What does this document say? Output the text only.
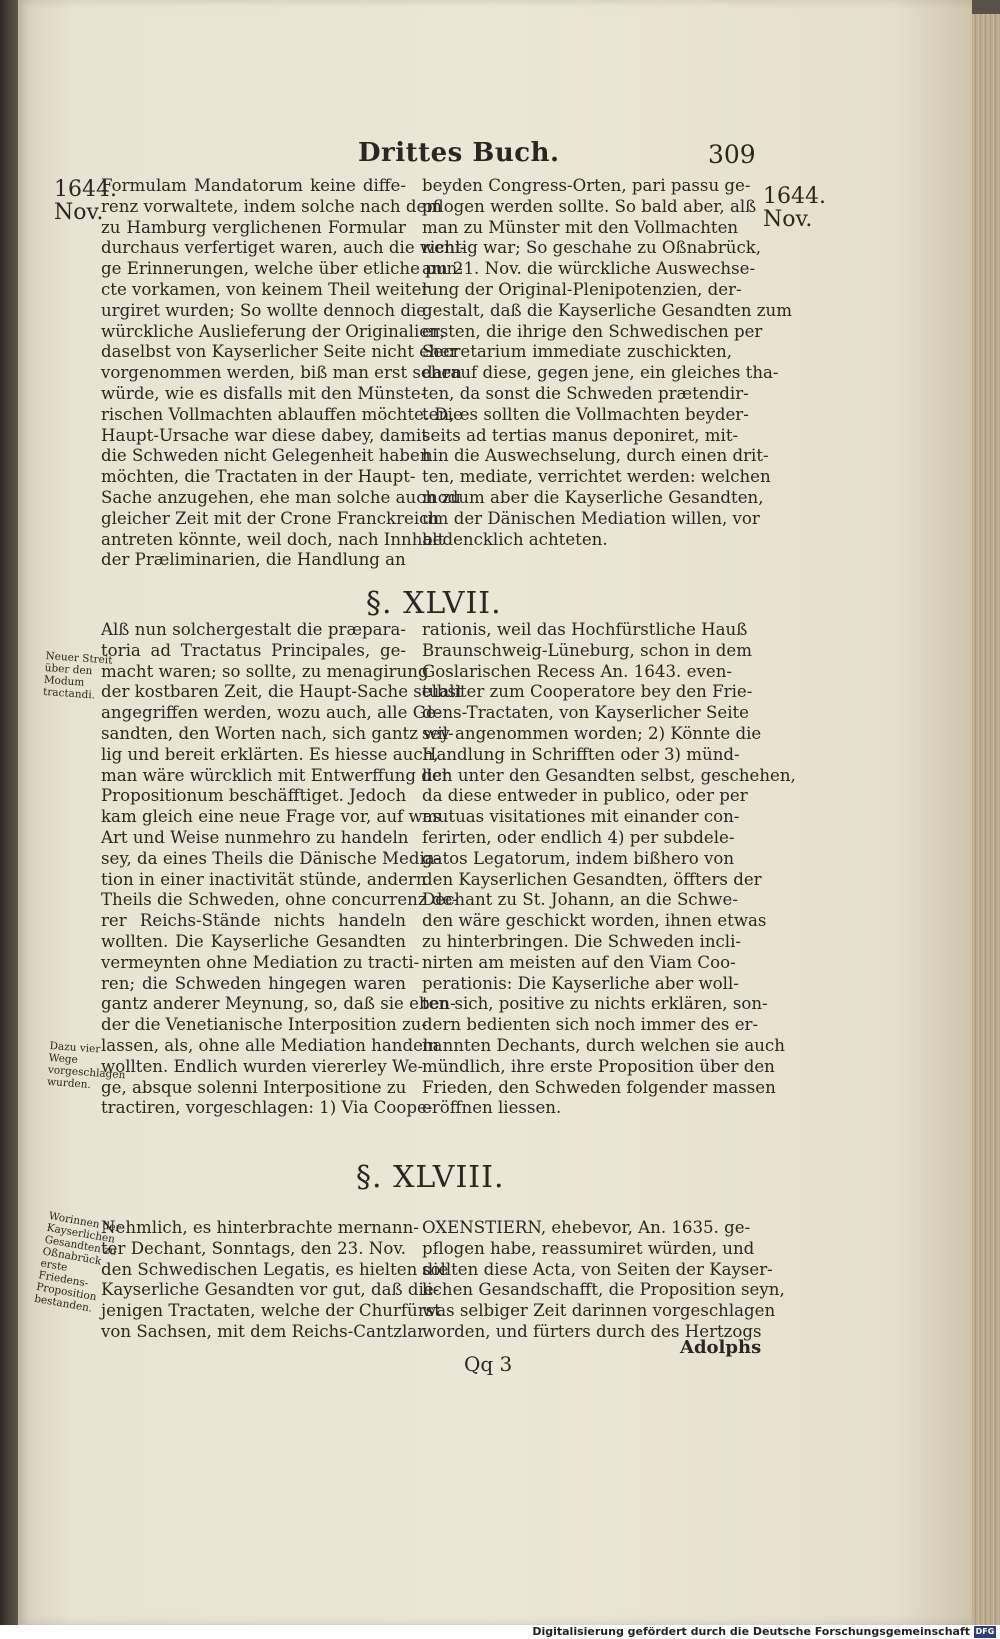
Drittes Buch.	309
1644.
Nov.
1644.
Nov.
Formulam Mandatorum keine diffe-
renz vorwaltete, indem solche nach dem
zu Hamburg verglichenen Formular
durchaus verfertiget waren, auch die weni-
ge Erinnerungen, welche über etliche pun-
cte vorkamen, von keinem Theil weiter
urgiret wurden; So wollte dennoch die
würckliche Auslieferung der Originalien,
daselbst von Kayserlicher Seite nicht eher
vorgenommen werden, biß man erst sehen
würde, wie es disfalls mit den Münste-
rischen Vollmachten ablauffen möchte. Die
Haupt-Ursache war diese dabey, damit
die Schweden nicht Gelegenheit haben
möchten, die Tractaten in der Haupt-
Sache anzugehen, ehe man solche auch zu
gleicher Zeit mit der Crone Franckreich
antreten könnte, weil doch, nach Innhalt
der Præliminarien, die Handlung an
beyden Congress-Orten, pari passu ge-
pflogen werden sollte. So bald aber, alß
man zu Münster mit den Vollmachten
richtig war; So geschahe zu Oßnabrück,
am 21. Nov. die würckliche Auswechse-
lung der Original-Plenipotenzien, der-
gestalt, daß die Kayserliche Gesandten zum
ersten, die ihrige den Schwedischen per
Secretarium immediate zuschickten,
darauf diese, gegen jene, ein gleiches tha-
ten, da sonst die Schweden prætendir-
ten, es sollten die Vollmachten beyder-
seits ad tertias manus deponiret, mit-
hin die Auswechselung, durch einen drit-
ten, mediate, verrichtet werden: welchen
modum aber die Kayserliche Gesandten,
um der Dänischen Mediation willen, vor
bedencklich achteten.
§. XLVII.
Neuer Streit über den Modum tractandi.
Dazu vier Wege vorgeschlagen wurden.
Alß nun solchergestalt die præpara-
toria ad Tractatus Principales, ge-
macht waren; so sollte, zu menagirung
der kostbaren Zeit, die Haupt-Sache selbst
angegriffen werden, wozu auch, alle Ge-
sandten, den Worten nach, sich gantz wil-
lig und bereit erklärten. Es hiesse auch,
man wäre würcklich mit Entwerffung der
Propositionum beschäfftiget. Jedoch
kam gleich eine neue Frage vor, auf was
Art und Weise nunmehro zu handeln
sey, da eines Theils die Dänische Media-
tion in einer inactivität stünde, andern
Theils die Schweden, ohne concurrenz de-
rer Reichs-Stände nichts handeln
wollten. Die Kayserliche Gesandten
vermeynten ohne Mediation zu tracti-
ren; die Schweden hingegen waren
gantz anderer Meynung, so, daß sie eben-
der die Venetianische Interposition zu-
lassen, als, ohne alle Mediation handeln
wollten. Endlich wurden viererley We-
ge, absque solenni Interpositione zu
tractiren, vorgeschlagen: 1) Via Coope-
rationis, weil das Hochfürstliche Hauß
Braunschweig-Lüneburg, schon in dem
Goslarischen Recess An. 1643. even-
tualiter zum Cooperatore bey den Frie-
dens-Tractaten, von Kayserlicher Seite
sey angenommen worden; 2) Könnte die
Handlung in Schrifften oder 3) münd-
lich unter den Gesandten selbst, geschehen,
da diese entweder in publico, oder per
mutuas visitationes mit einander con-
ferirten, oder endlich 4) per subdele-
gatos Legatorum, indem bißhero von
den Kayserlichen Gesandten, öffters der
Dechant zu St. Johann, an die Schwe-
den wäre geschickt worden, ihnen etwas
zu hinterbringen. Die Schweden incli-
nirten am meisten auf den Viam Coo-
perationis: Die Kayserliche aber woll-
ten sich, positive zu nichts erklären, son-
dern bedienten sich noch immer des er-
nannten Dechants, durch welchen sie auch
mündlich, ihre erste Proposition über den
Frieden, den Schweden folgender massen
eröffnen liessen.
§. XLVIII.
Worinnen der Kayserlichen Gesandten zu Oßnabrück erste Friedens-Proposition bestanden.
Nehmlich, es hinterbrachte mernann-
ter Dechant, Sonntags, den 23. Nov.
den Schwedischen Legatis, es hielten die
Kayserliche Gesandten vor gut, daß die-
jenigen Tractaten, welche der Churfürst
von Sachsen, mit dem Reichs-Cantzlar
OXENSTIERN, ehebevor, An. 1635. ge-
pflogen habe, reassumiret würden, und
sollten diese Acta, von Seiten der Kayser-
lichen Gesandschafft, die Proposition seyn,
was selbiger Zeit darinnen vorgeschlagen
worden, und fürters durch des Hertzogs
Qq 3
Adolphs
Digitalisierung gefördert durch die Deutsche Forschungsgemeinschaft DFG
